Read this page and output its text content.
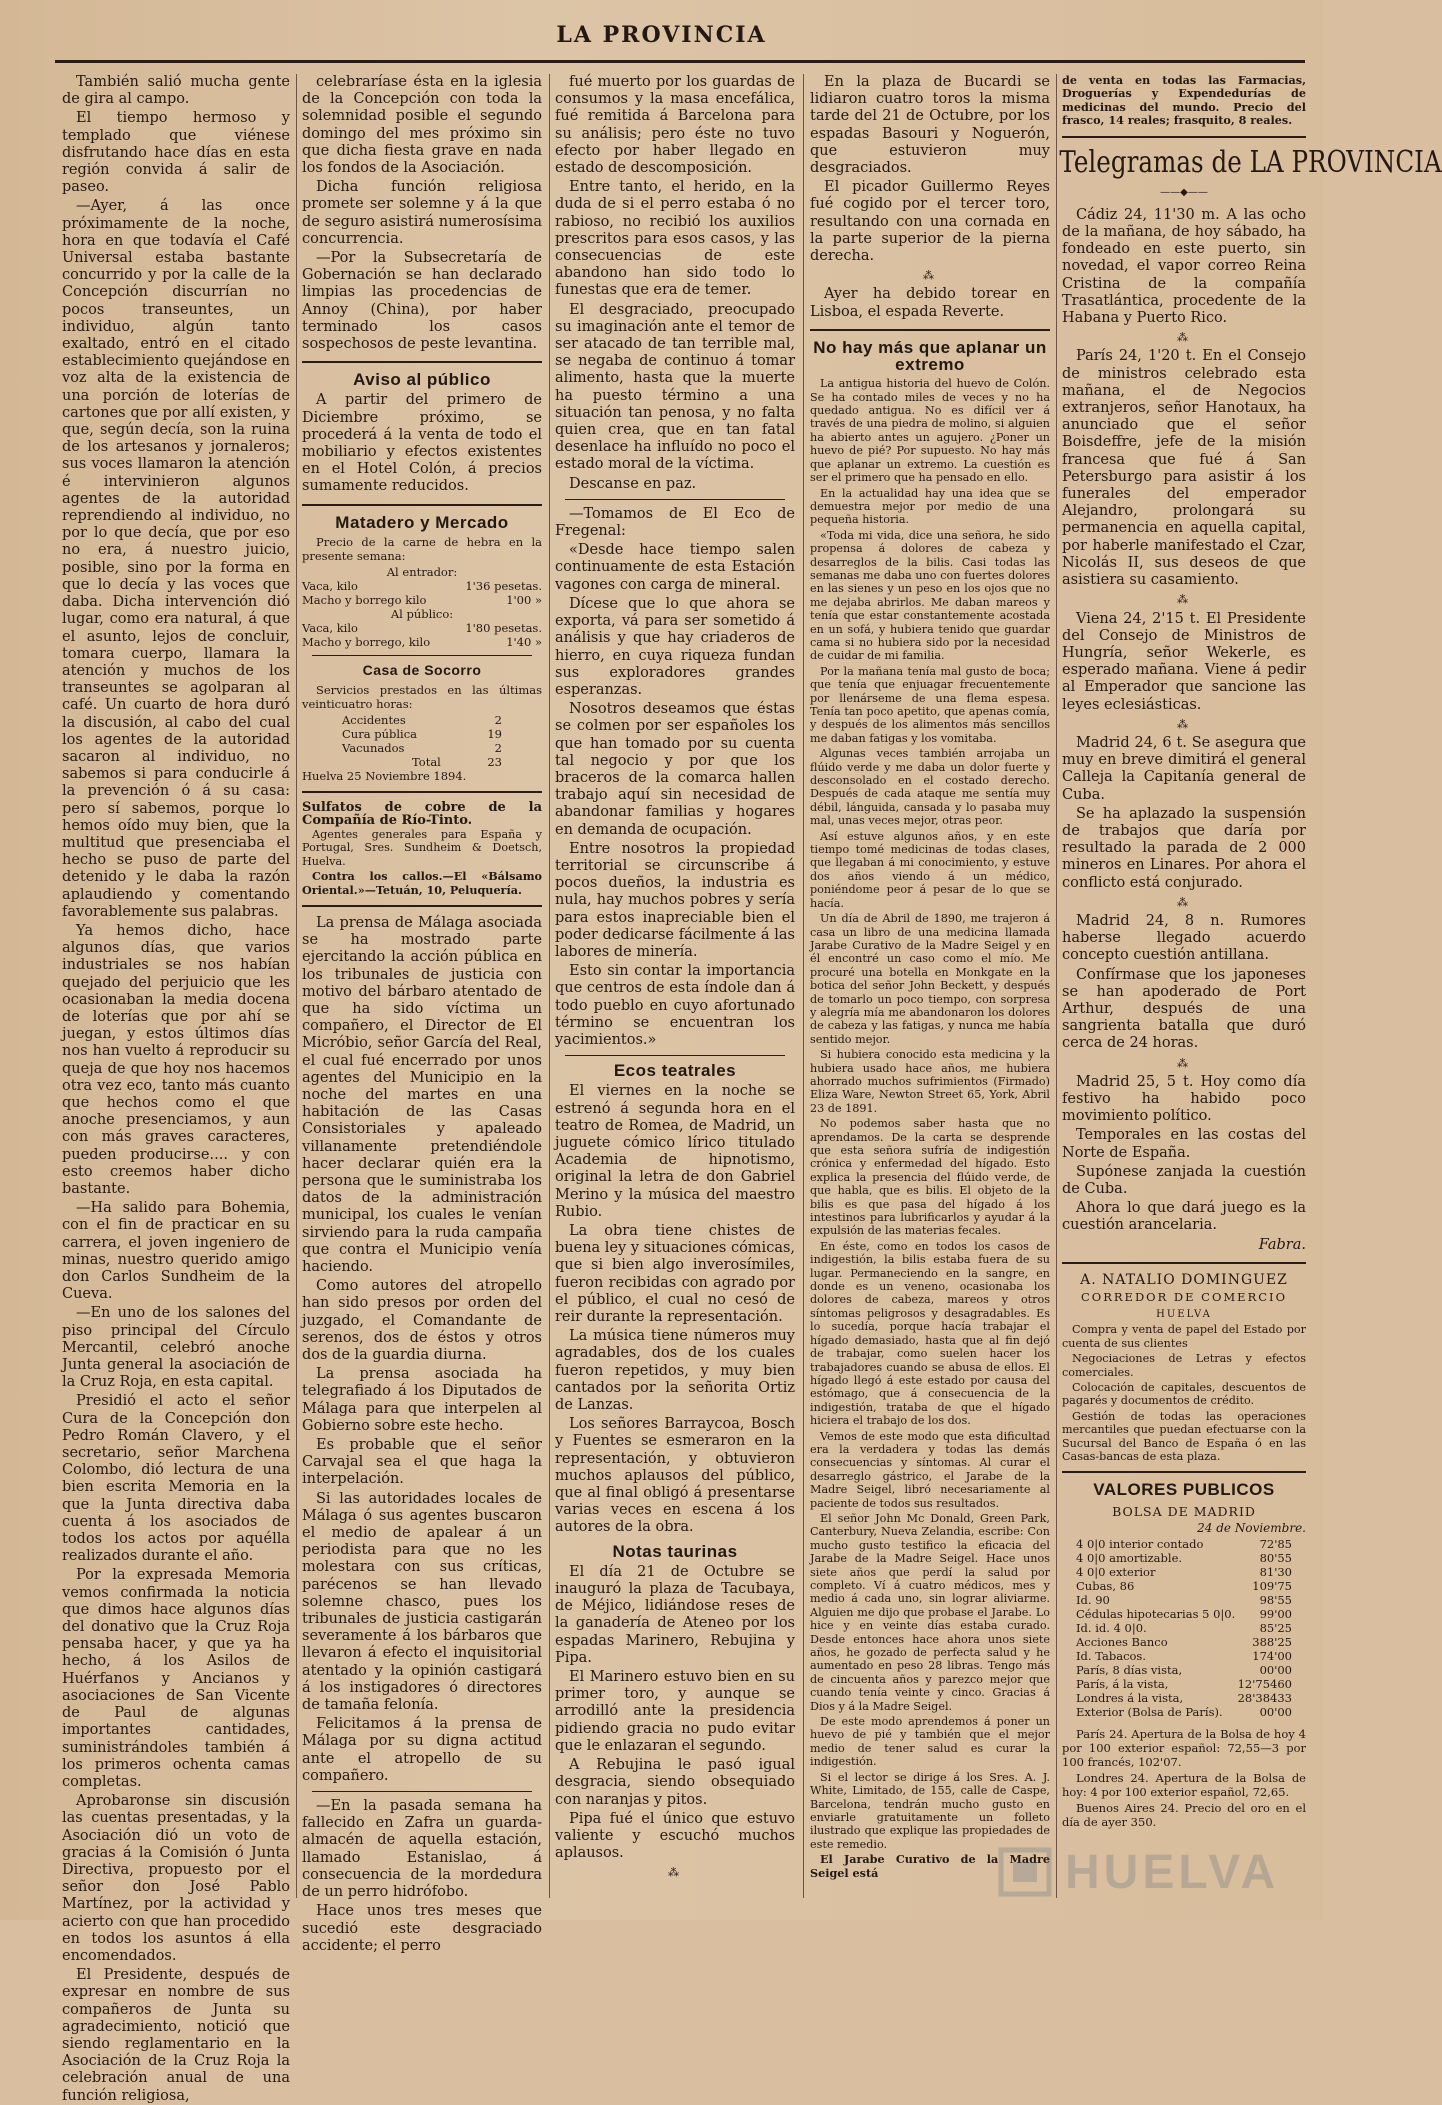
LA PROVINCIA

También salió mucha gente de gira al campo.

El tiempo hermoso y templado que viénese disfrutando hace días en esta región convida á salir de paseo.

—Ayer, á las once próximamente de la noche, hora en que todavía el Café Universal estaba bastante concurrido y por la calle de la Concepción discurrían no pocos transeuntes, un individuo, algún tanto exaltado, entró en el citado establecimiento quejándose en voz alta de la existencia de una porción de loterías de cartones que por allí existen, y que, según decía, son la ruina de los artesanos y jornaleros; sus voces llamaron la atención é intervinieron algunos agentes de la autoridad reprendiendo al individuo, no por lo que decía, que por eso no era, á nuestro juicio, posible, sino por la forma en que lo decía y las voces que daba. Dicha intervención dió lugar, como era natural, á que el asunto, lejos de concluir, tomara cuerpo, llamara la atención y muchos de los transeuntes se agolparan al café. Un cuarto de hora duró la discusión, al cabo del cual los agentes de la autoridad sacaron al individuo, no sabemos si para conducirle á la prevención ó á su casa: pero sí sabemos, porque lo hemos oído muy bien, que la multitud que presenciaba el hecho se puso de parte del detenido y le daba la razón aplaudiendo y comentando favorablemente sus palabras.

Ya hemos dicho, hace algunos días, que varios industriales se nos habían quejado del perjuicio que les ocasionaban la media docena de loterías que por ahí se juegan, y estos últimos días nos han vuelto á reproducir su queja de que hoy nos hacemos otra vez eco, tanto más cuanto que hechos como el que anoche presenciamos, y aun con más graves caracteres, pueden producirse.... y con esto creemos haber dicho bastante.

—Ha salido para Bohemia, con el fin de practicar en su carrera, el joven ingeniero de minas, nuestro querido amigo don Carlos Sundheim de la Cueva.

—En uno de los salones del piso principal del Círculo Mercantil, celebró anoche Junta general la asociación de la Cruz Roja, en esta capital.

Presidió el acto el señor Cura de la Concepción don Pedro Román Clavero, y el secretario, señor Marchena Colombo, dió lectura de una bien escrita Memoria en la que la Junta directiva daba cuenta á los asociados de todos los actos por aquélla realizados durante el año.

Por la expresada Memoria vemos confirmada la noticia que dimos hace algunos días del donativo que la Cruz Roja pensaba hacer, y que ya ha hecho, á los Asilos de Huérfanos y Ancianos y asociaciones de San Vicente de Paul de algunas importantes cantidades, suministrándoles también á los primeros ochenta camas completas.

Aprobaronse sin discusión las cuentas presentadas, y la Asociación dió un voto de gracias á la Comisión ó Junta Directiva, propuesto por el señor don José Pablo Martínez, por la actividad y acierto con que han procedido en todos los asuntos á ella encomendados.

El Presidente, después de expresar en nombre de sus compañeros de Junta su agradecimiento, notició que siendo reglamentario en la Asociación de la Cruz Roja la celebración anual de una función religiosa,

celebraríase ésta en la iglesia de la Concepción con toda la solemnidad posible el segundo domingo del mes próximo sin que dicha fiesta grave en nada los fondos de la Asociación.

Dicha función religiosa promete ser solemne y á la que de seguro asistirá numerosísima concurrencia.

—Por la Subsecretaría de Gobernación se han declarado limpias las procedencias de Annoy (China), por haber terminado los casos sospechosos de peste levantina.

Aviso al público

A partir del primero de Diciembre próximo, se procederá á la venta de todo el mobiliario y efectos existentes en el Hotel Colón, á precios sumamente reducidos.

Matadero y Mercado

Precio de la carne de hebra en la presente semana:

Al entrador:
Vaca, kilo	1'36 pesetas.
Macho y borrego kilo	1'00 »
Al público:
Vaca, kilo	1'80 pesetas.
Macho y borrego, kilo	1'40 »
Casa de Socorro

Servicios prestados en las últimas veinticuatro horas:

Accidentes	2
Cura pública	19
Vacunados	2
Total	23
Huelva 25 Noviembre 1894.
Sulfatos de cobre de la Compañía de Río-Tinto.

Agentes generales para España y Portugal, Sres. Sundheim & Doetsch, Huelva.

Contra los callos.—El «Bálsamo Oriental.»—Tetuán, 10, Peluquería.

La prensa de Málaga asociada se ha mostrado parte ejercitando la acción pública en los tribunales de justicia con motivo del bárbaro atentado de que ha sido víctima un compañero, el Director de El Micróbio, señor García del Real, el cual fué encerrado por unos agentes del Municipio en la noche del martes en una habitación de las Casas Consistoriales y apaleado villanamente pretendiéndole hacer declarar quién era la persona que le suministraba los datos de la administración municipal, los cuales le venían sirviendo para la ruda campaña que contra el Municipio venía haciendo.

Como autores del atropello han sido presos por orden del juzgado, el Comandante de serenos, dos de éstos y otros dos de la guardia diurna.

La prensa asociada ha telegrafiado á los Diputados de Málaga para que interpelen al Gobierno sobre este hecho.

Es probable que el señor Carvajal sea el que haga la interpelación.

Si las autoridades locales de Málaga ó sus agentes buscaron el medio de apalear á un periodista para que no les molestara con sus críticas, parécenos se han llevado solemne chasco, pues los tribunales de justicia castigarán severamente á los bárbaros que llevaron á efecto el inquisitorial atentado y la opinión castigará á los instigadores ó directores de tamaña felonía.

Felicitamos á la prensa de Málaga por su digna actitud ante el atropello de su compañero.

—En la pasada semana ha fallecido en Zafra un guarda-almacén de aquella estación, llamado Estanislao, á consecuencia de la mordedura de un perro hidrófobo.

Hace unos tres meses que sucedió este desgraciado accidente; el perro

fué muerto por los guardas de consumos y la masa encefálica, fué remitida á Barcelona para su análisis; pero éste no tuvo efecto por haber llegado en estado de descomposición.

Entre tanto, el herido, en la duda de si el perro estaba ó no rabioso, no recibió los auxilios prescritos para esos casos, y las consecuencias de este abandono han sido todo lo funestas que era de temer.

El desgraciado, preocupado su imaginación ante el temor de ser atacado de tan terrible mal, se negaba de continuo á tomar alimento, hasta que la muerte ha puesto término a una situación tan penosa, y no falta quien crea, que en tan fatal desenlace ha influído no poco el estado moral de la víctima.

Descanse en paz.

—Tomamos de El Eco de Fregenal:

«Desde hace tiempo salen continuamente de esta Estación vagones con carga de mineral.

Dícese que lo que ahora se exporta, vá para ser sometido á análisis y que hay criaderos de hierro, en cuya riqueza fundan sus exploradores grandes esperanzas.

Nosotros deseamos que éstas se colmen por ser españoles los que han tomado por su cuenta tal negocio y por que los braceros de la comarca hallen trabajo aquí sin necesidad de abandonar familias y hogares en demanda de ocupación.

Entre nosotros la propiedad territorial se circunscribe á pocos dueños, la industria es nula, hay muchos pobres y sería para estos inapreciable bien el poder dedicarse fácilmente á las labores de minería.

Esto sin contar la importancia que centros de esta índole dan á todo pueblo en cuyo afortunado término se encuentran los yacimientos.»

Ecos teatrales

El viernes en la noche se estrenó á segunda hora en el teatro de Romea, de Madrid, un juguete cómico lírico titulado Academia de hipnotismo, original la letra de don Gabriel Merino y la música del maestro Rubio.

La obra tiene chistes de buena ley y situaciones cómicas, que si bien algo inverosímiles, fueron recibidas con agrado por el público, el cual no cesó de reir durante la representación.

La música tiene números muy agradables, dos de los cuales fueron repetidos, y muy bien cantados por la señorita Ortiz de Lanzas.

Los señores Barraycoa, Bosch y Fuentes se esmeraron en la representación, y obtuvieron muchos aplausos del público, que al final obligó á presentarse varias veces en escena á los autores de la obra.

Notas taurinas

El día 21 de Octubre se inauguró la plaza de Tacubaya, de Méjico, lidiándose reses de la ganadería de Ateneo por los espadas Marinero, Rebujina y Pipa.

El Marinero estuvo bien en su primer toro, y aunque se arrodilló ante la presidencia pidiendo gracia no pudo evitar que le enlazaran el segundo.

A Rebujina le pasó igual desgracia, siendo obsequiado con naranjas y pitos.

Pipa fué el único que estuvo valiente y escuchó muchos aplausos.

⁂

En la plaza de Bucardi se lidiaron cuatro toros la misma tarde del 21 de Octubre, por los espadas Basouri y Noguerón, que estuvieron muy desgraciados.

El picador Guillermo Reyes fué cogido por el tercer toro, resultando con una cornada en la parte superior de la pierna derecha.

⁂

Ayer ha debido torear en Lisboa, el espada Reverte.

No hay más que aplanar un extremo

La antigua historia del huevo de Colón. Se ha contado miles de veces y no ha quedado antigua. No es difícil ver á través de una piedra de molino, si alguien ha abierto antes un agujero. ¿Poner un huevo de pié? Por supuesto. No hay más que aplanar un extremo. La cuestión es ser el primero que ha pensado en ello.

En la actualidad hay una idea que se demuestra mejor por medio de una pequeña historia.

«Toda mi vida, dice una señora, he sido propensa á dolores de cabeza y desarreglos de la bilis. Casi todas las semanas me daba uno con fuertes dolores en las sienes y un peso en los ojos que no me dejaba abrirlos. Me daban mareos y tenía que estar constantemente acostada en un sofá, y hubiera tenido que guardar cama si no hubiera sido por la necesidad de cuidar de mi familia.

Por la mañana tenía mal gusto de boca; que tenía que enjuagar frecuentemente por llenárseme de una flema espesa. Tenía tan poco apetito, que apenas comía, y después de los alimentos más sencillos me daban fatigas y los vomitaba.

Algunas veces también arrojaba un flúido verde y me daba un dolor fuerte y desconsolado en el costado derecho. Después de cada ataque me sentía muy débil, lánguida, cansada y lo pasaba muy mal, unas veces mejor, otras peor.

Así estuve algunos años, y en este tiempo tomé medicinas de todas clases, que llegaban á mi conocimiento, y estuve dos años viendo á un médico, poniéndome peor á pesar de lo que se hacía.

Un día de Abril de 1890, me trajeron á casa un libro de una medicina llamada Jarabe Curativo de la Madre Seigel y en él encontré un caso como el mío. Me procuré una botella en Monkgate en la botica del señor John Beckett, y después de tomarlo un poco tiempo, con sorpresa y alegría mía me abandonaron los dolores de cabeza y las fatigas, y nunca me había sentido mejor.

Si hubiera conocido esta medicina y la hubiera usado hace años, me hubiera ahorrado muchos sufrimientos (Firmado) Eliza Ware, Newton Street 65, York, Abril 23 de 1891.

No podemos saber hasta que no aprendamos. De la carta se desprende que esta señora sufría de indigestión crónica y enfermedad del hígado. Esto explica la presencia del flúido verde, de que habla, que es bilis. El objeto de la bilis es que pasa del hígado á los intestinos para lubrificarlos y ayudar á la expulsión de las materias fecales.

En éste, como en todos los casos de indigestión, la bilis estaba fuera de su lugar. Permaneciendo en la sangre, en donde es un veneno, ocasionaba los dolores de cabeza, mareos y otros síntomas peligrosos y desagradables. Es lo sucedía, porque hacía trabajar el hígado demasiado, hasta que al fin dejó de trabajar, como suelen hacer los trabajadores cuando se abusa de ellos. El hígado llegó á este estado por causa del estómago, que á consecuencia de la indigestión, trataba de que el hígado hiciera el trabajo de los dos.

Vemos de este modo que esta dificultad era la verdadera y todas las demás consecuencias y síntomas. Al curar el desarreglo gástrico, el Jarabe de la Madre Seigel, libró necesariamente al paciente de todos sus resultados.

El señor John Mc Donald, Green Park, Canterbury, Nueva Zelandia, escribe: Con mucho gusto testifico la eficacia del Jarabe de la Madre Seigel. Hace unos siete años que perdí la salud por completo. Ví á cuatro médicos, mes y medio á cada uno, sin lograr aliviarme. Alguien me dijo que probase el Jarabe. Lo hice y en veinte días estaba curado. Desde entonces hace ahora unos siete años, he gozado de perfecta salud y he aumentado en peso 28 libras. Tengo más de cincuenta años y parezco mejor que cuando tenía veinte y cinco. Gracias á Dios y á la Madre Seigel.

De este modo aprendemos á poner un huevo de pié y también que el mejor medio de tener salud es curar la indigestión.

Si el lector se dirige á los Sres. A. J. White, Limitado, de 155, calle de Caspe, Barcelona, tendrán mucho gusto en enviarle gratuitamente un folleto ilustrado que explique las propiedades de este remedio.

El Jarabe Curativo de la Madre Seigel está

de venta en todas las Farmacias, Droguerías y Expendedurías de medicinas del mundo. Precio del frasco, 14 reales; frasquito, 8 reales.
Telegramas de LA PROVINCIA
——◆——

Cádiz 24, 11'30 m. A las ocho de la mañana, de hoy sábado, ha fondeado en este puerto, sin novedad, el vapor correo Reina Cristina de la compañía Trasatlántica, procedente de la Habana y Puerto Rico.

⁂

París 24, 1'20 t. En el Consejo de ministros celebrado esta mañana, el de Negocios extranjeros, señor Hanotaux, ha anunciado que el señor Boisdeffre, jefe de la misión francesa que fué á San Petersburgo para asistir á los funerales del emperador Alejandro, prolongará su permanencia en aquella capital, por haberle manifestado el Czar, Nicolás II, sus deseos de que asistiera su casamiento.

⁂

Viena 24, 2'15 t. El Presidente del Consejo de Ministros de Hungría, señor Wekerle, es esperado mañana. Viene á pedir al Emperador que sancione las leyes eclesiásticas.

⁂

Madrid 24, 6 t. Se asegura que muy en breve dimitirá el general Calleja la Capitanía general de Cuba.

Se ha aplazado la suspensión de trabajos que daría por resultado la parada de 2 000 mineros en Linares. Por ahora el conflicto está conjurado.

⁂

Madrid 24, 8 n. Rumores haberse llegado acuerdo concepto cuestión antillana.

Confírmase que los japoneses se han apoderado de Port Arthur, después de una sangrienta batalla que duró cerca de 24 horas.

⁂

Madrid 25, 5 t. Hoy como día festivo ha habido poco movimiento político.

Temporales en las costas del Norte de España.

Supónese zanjada la cuestión de Cuba.

Ahora lo que dará juego es la cuestión arancelaria.

Fabra.
A. NATALIO DOMINGUEZ
CORREDOR DE COMERCIO
HUELVA

Compra y venta de papel del Estado por cuenta de sus clientes

Negociaciones de Letras y efectos comerciales.

Colocación de capitales, descuentos de pagarés y documentos de crédito.

Gestión de todas las operaciones mercantiles que puedan efectuarse con la Sucursal del Banco de España ó en las Casas-bancas de esta plaza.

VALORES PUBLICOS
BOLSA DE MADRID
24 de Noviembre.
4 0|0 interior contado	72'85
4 0|0 amortizable.	80'55
4 0|0 exterior	81'30
Cubas, 86	109'75
Id. 90	98'55
Cédulas hipotecarias 5 0|0. 99'00
Id. id. 4 0|0.	85'25
Acciones Banco	388'25
Id. Tabacos.	174'00
París, 8 días vista,	00'00
París, á la vista,	12'75460
Londres á la vista,	28'38433
Exterior (Bolsa de París).	00'00

París 24. Apertura de la Bolsa de hoy 4 por 100 exterior español: 72,55—3 por 100 francés, 102'07.

Londres 24. Apertura de la Bolsa de hoy: 4 por 100 exterior español, 72,65.

Buenos Aires 24. Precio del oro en el día de ayer 350.

HUELVA
